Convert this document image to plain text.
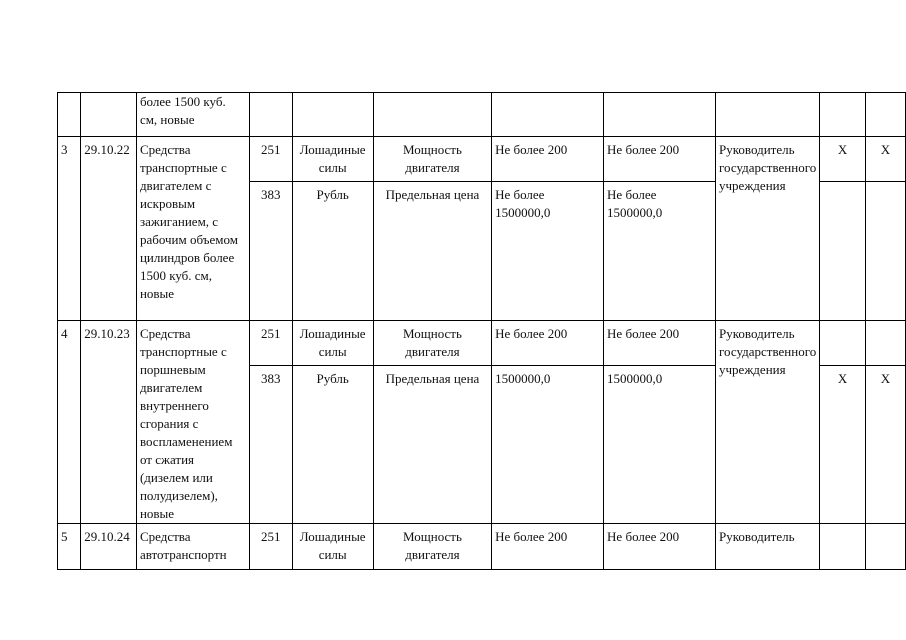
		более 1500 куб. см, новые								
3	29.10.22	Средства транспортные с двигателем с искровым зажиганием, с рабочим объемом цилиндров более 1500 куб. см, новые	251	Лошадиные силы	Мощность двигателя	Не более 200	Не более 200	Руководитель государственного учреждения	X	X
			383	Рубль	Предельная цена	Не более 1500000,0	Не более 1500000,0			
4	29.10.23	Средства транспортные с поршневым двигателем внутреннего сгорания с воспламенением от сжатия (дизелем или полудизелем), новые	251	Лошадиные силы	Мощность двигателя	Не более 200	Не более 200	Руководитель государственного учреждения		
			383	Рубль	Предельная цена	1500000,0	1500000,0		X	X
5	29.10.24	Средства автотранспортн	251	Лошадиные силы	Мощность двигателя	Не более 200	Не более 200	Руководитель		
